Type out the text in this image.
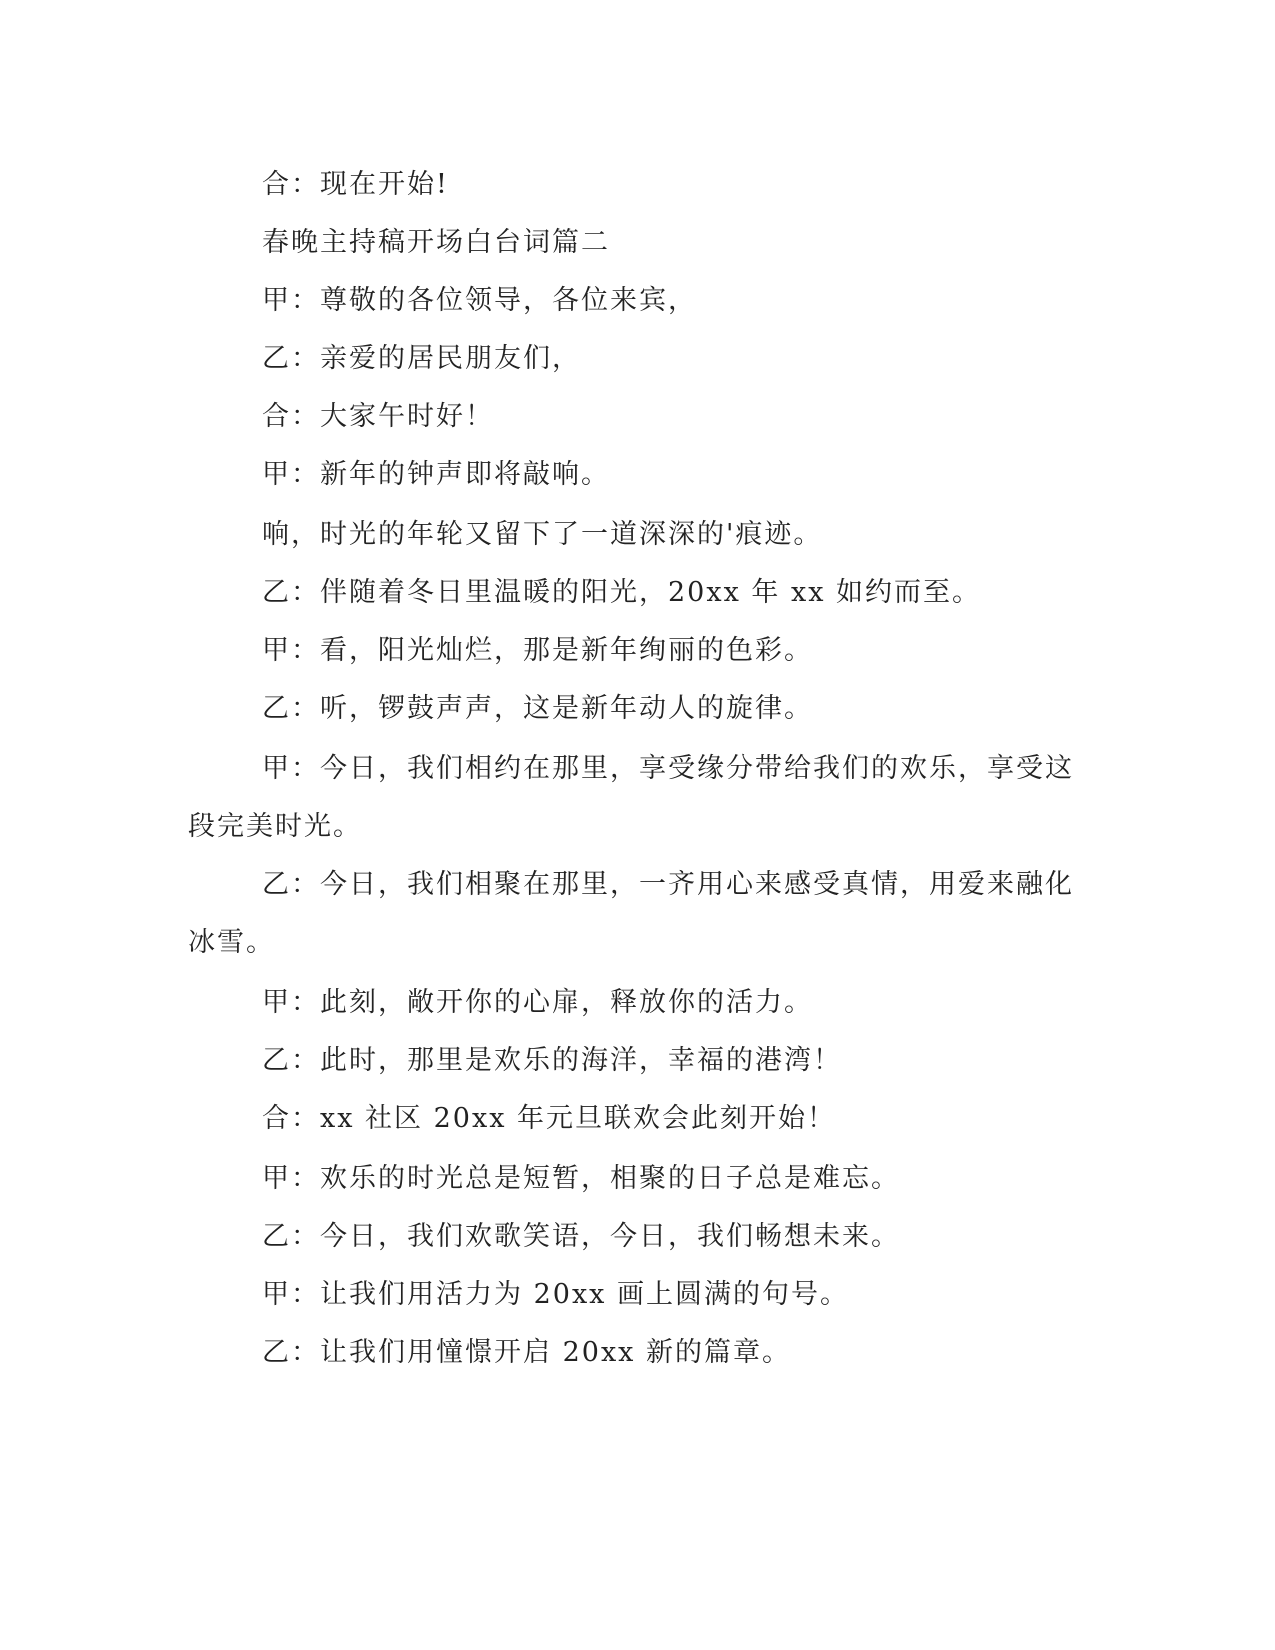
合：现在开始!
春晚主持稿开场白台词篇二
甲：尊敬的各位领导，各位来宾，
乙：亲爱的居民朋友们，
合：大家午时好！
甲：新年的钟声即将敲响。
响，时光的年轮又留下了一道深深的'痕迹。
乙：伴随着冬日里温暖的阳光，20xx 年 xx 如约而至。
甲：看，阳光灿烂，那是新年绚丽的色彩。
乙：听，锣鼓声声，这是新年动人的旋律。
甲：今日，我们相约在那里，享受缘分带给我们的欢乐，享受这
段完美时光。
乙：今日，我们相聚在那里，一齐用心来感受真情，用爱来融化
冰雪。
甲：此刻，敞开你的心扉，释放你的活力。
乙：此时，那里是欢乐的海洋，幸福的港湾！
合：xx 社区 20xx 年元旦联欢会此刻开始！
甲：欢乐的时光总是短暂，相聚的日子总是难忘。
乙：今日，我们欢歌笑语，今日，我们畅想未来。
甲：让我们用活力为 20xx 画上圆满的句号。
乙：让我们用憧憬开启 20xx 新的篇章。
